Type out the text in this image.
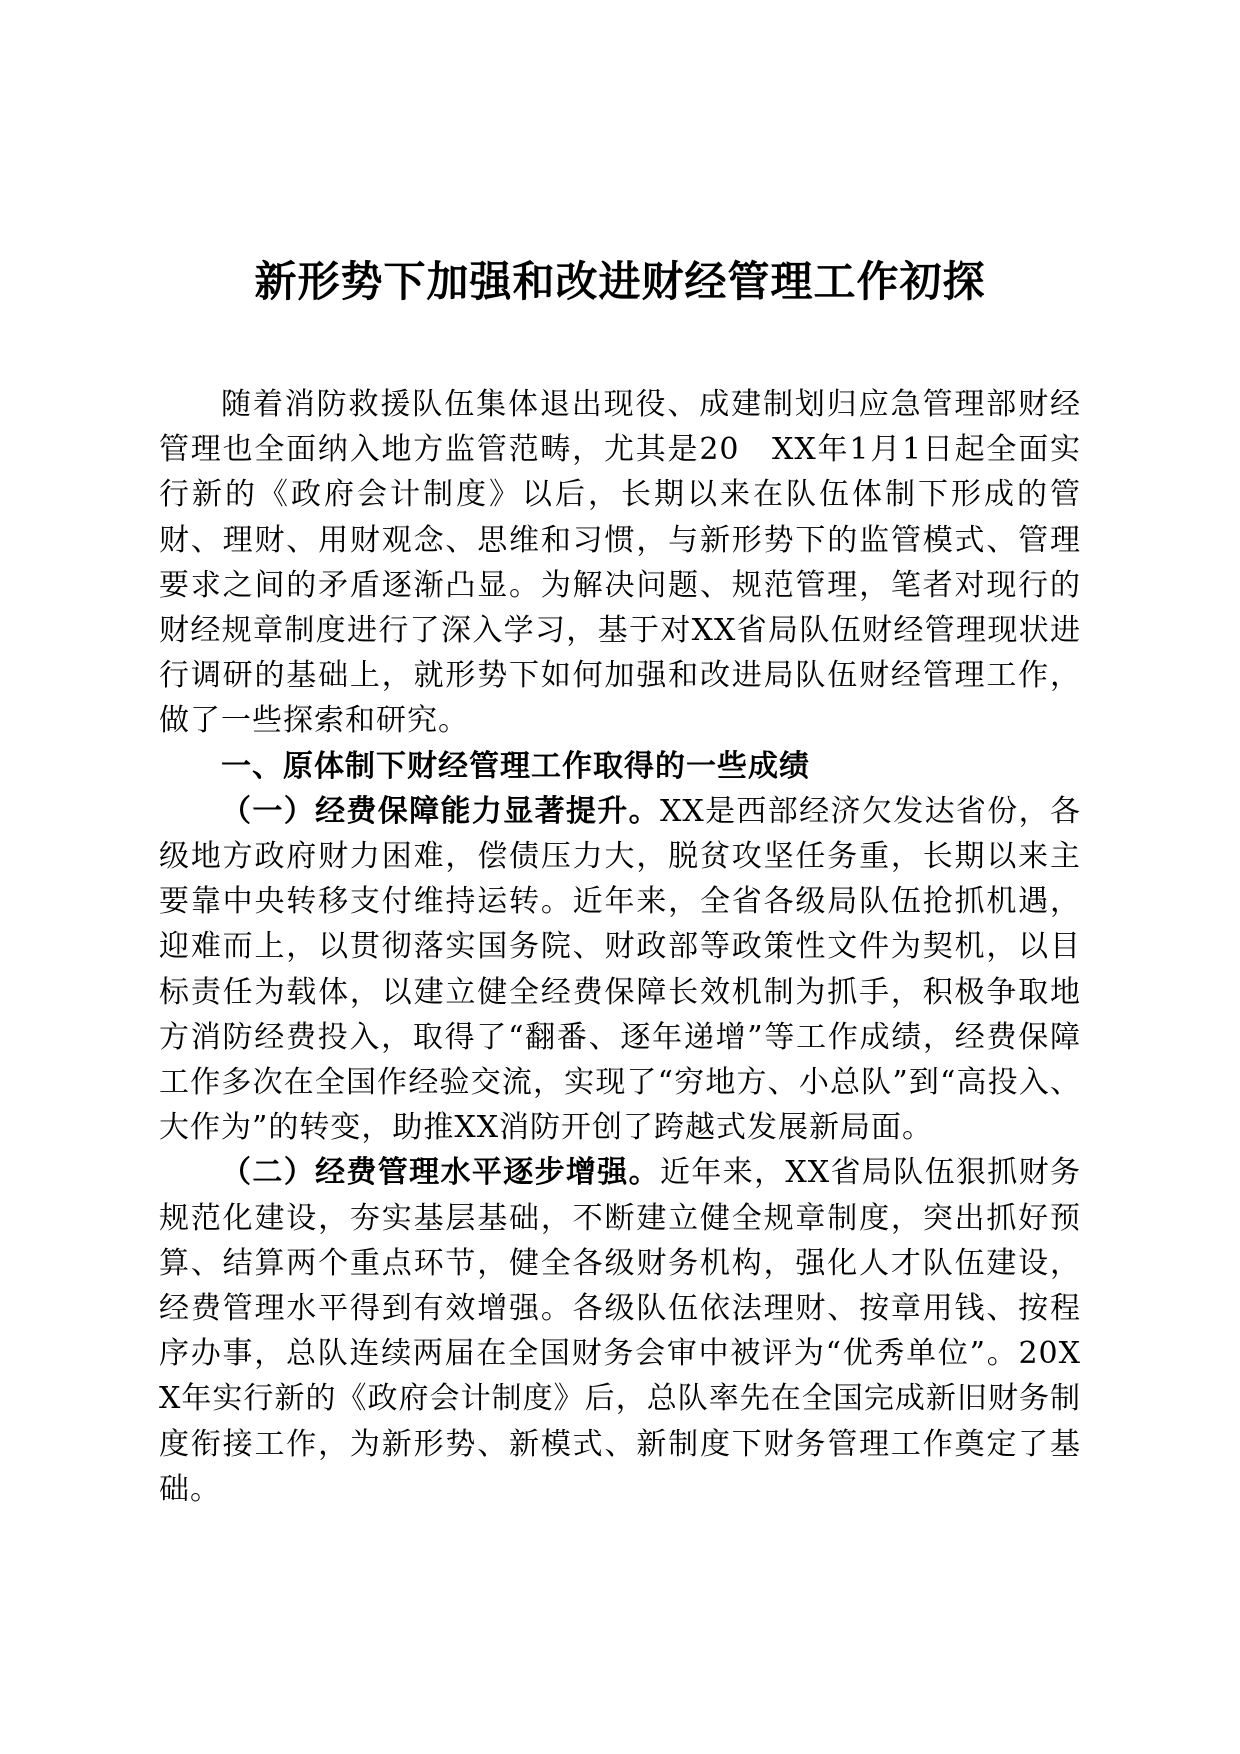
新形势下加强和改进财经管理工作初探

随着消防救援队伍集体退出现役、成建制划归应急管理部财经管理也全面纳入地方监管范畴，尤其是20　XX年1月1日起全面实行新的《政府会计制度》以后，长期以来在队伍体制下形成的管财、理财、用财观念、思维和习惯，与新形势下的监管模式、管理要求之间的矛盾逐渐凸显。为解决问题、规范管理，笔者对现行的财经规章制度进行了深入学习，基于对XX省局队伍财经管理现状进行调研的基础上，就形势下如何加强和改进局队伍财经管理工作，做了一些探索和研究。

一、原体制下财经管理工作取得的一些成绩

（一）经费保障能力显著提升。XX是西部经济欠发达省份，各级地方政府财力困难，偿债压力大，脱贫攻坚任务重，长期以来主要靠中央转移支付维持运转。近年来，全省各级局队伍抢抓机遇，迎难而上，以贯彻落实国务院、财政部等政策性文件为契机，以目标责任为载体，以建立健全经费保障长效机制为抓手，积极争取地方消防经费投入，取得了“翻番、逐年递增”等工作成绩，经费保障工作多次在全国作经验交流，实现了“穷地方、小总队”到“高投入、大作为”的转变，助推XX消防开创了跨越式发展新局面。

（二）经费管理水平逐步增强。近年来，XX省局队伍狠抓财务规范化建设，夯实基层基础，不断建立健全规章制度，突出抓好预算、结算两个重点环节，健全各级财务机构，强化人才队伍建设，经费管理水平得到有效增强。各级队伍依法理财、按章用钱、按程序办事，总队连续两届在全国财务会审中被评为“优秀单位”。20XX年实行新的《政府会计制度》后，总队率先在全国完成新旧财务制度衔接工作，为新形势、新模式、新制度下财务管理工作奠定了基础。
